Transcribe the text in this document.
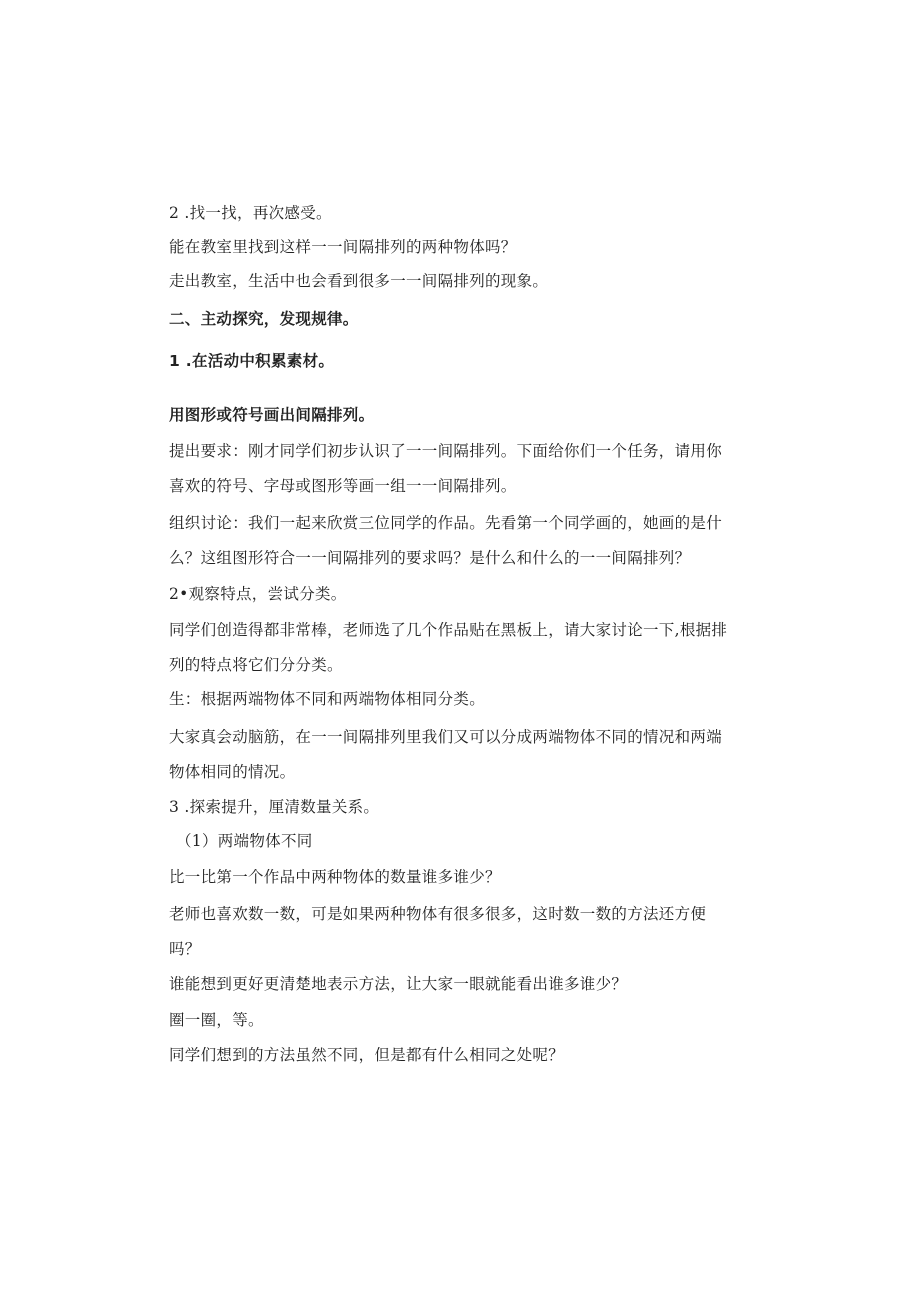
2 .找一找，再次感受。
能在教室里找到这样一一间隔排列的两种物体吗？
走出教室，生活中也会看到很多一一间隔排列的现象。
二、主动探究，发现规律。
1 .在活动中积累素材。
用图形或符号画出间隔排列。
提出要求：刚才同学们初步认识了一一间隔排列。下面给你们一个任务，请用你
喜欢的符号、字母或图形等画一组一一间隔排列。
组织讨论：我们一起来欣赏三位同学的作品。先看第一个同学画的，她画的是什
么？这组图形符合一一间隔排列的要求吗？是什么和什么的一一间隔排列？
2•观察特点，尝试分类。
同学们创造得都非常棒，老师选了几个作品贴在黑板上，请大家讨论一下,根据排
列的特点将它们分分类。
生：根据两端物体不同和两端物体相同分类。
大家真会动脑筋，在一一间隔排列里我们又可以分成两端物体不同的情况和两端
物体相同的情况。
3 .探索提升，厘清数量关系。
（1）两端物体不同
比一比第一个作品中两种物体的数量谁多谁少？
老师也喜欢数一数，可是如果两种物体有很多很多，这时数一数的方法还方便
吗？
谁能想到更好更清楚地表示方法，让大家一眼就能看出谁多谁少？
圈一圈，等。
同学们想到的方法虽然不同，但是都有什么相同之处呢？
